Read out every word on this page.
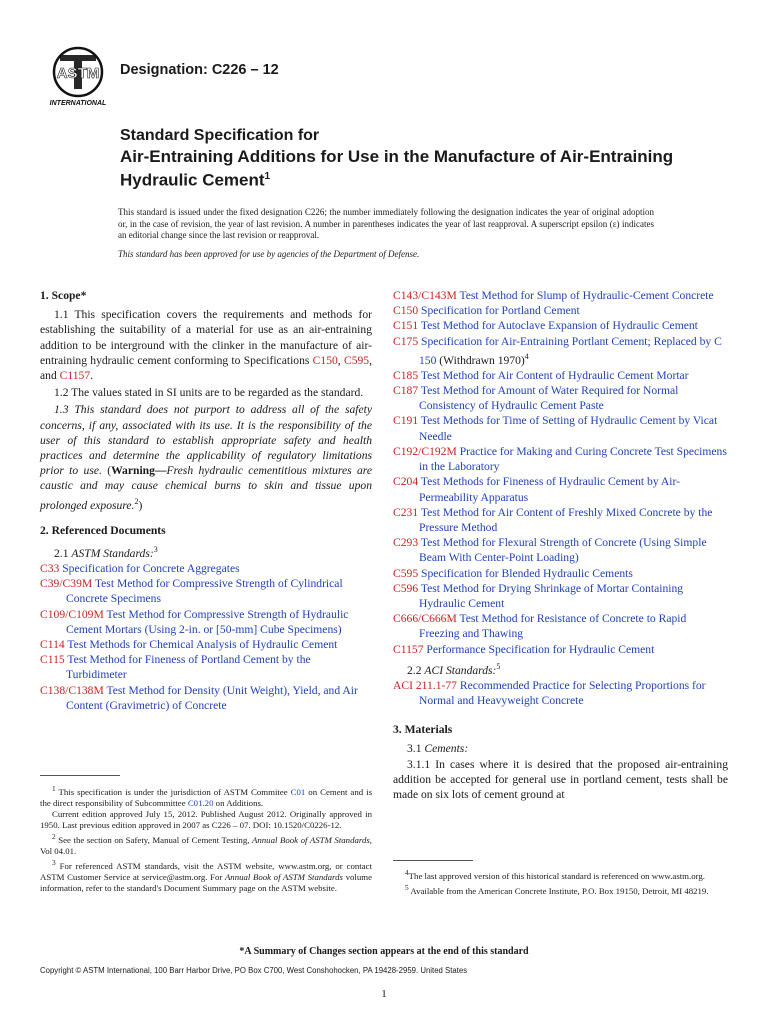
ASTM
INTERNATIONAL
Designation: C226 – 12
Standard Specification for
Air-Entraining Additions for Use in the Manufacture of Air-Entraining Hydraulic Cement$^1$
This standard is issued under the fixed designation C226; the number immediately following the designation indicates the year of original adoption or, in the case of revision, the year of last revision. A number in parentheses indicates the year of last reapproval. A superscript epsilon (ε) indicates an editorial change since the last revision or reapproval.
This standard has been approved for use by agencies of the Department of Defense.
1. Scope*

1.1 This specification covers the requirements and methods for establishing the suitability of a material for use as an air-entraining addition to be interground with the clinker in the manufacture of air-entraining hydraulic cement conforming to Specifications C150, C595, and C1157.

1.2 The values stated in SI units are to be regarded as the standard.

1.3 This standard does not purport to address all of the safety concerns, if any, associated with its use. It is the responsibility of the user of this standard to establish appropriate safety and health practices and determine the applicability of regulatory limitations prior to use. (Warning—Fresh hydraulic cementitious mixtures are caustic and may cause chemical burns to skin and tissue upon prolonged exposure.$^2$)

2. Referenced Documents
2.1 ASTM Standards:$^3$

C33 Specification for Concrete Aggregates

C39/C39M Test Method for Compressive Strength of Cylindrical Concrete Specimens

C109/C109M Test Method for Compressive Strength of Hydraulic Cement Mortars (Using 2-in. or [50-mm] Cube Specimens)

C114 Test Methods for Chemical Analysis of Hydraulic Cement

C115 Test Method for Fineness of Portland Cement by the Turbidimeter

C138/C138M Test Method for Density (Unit Weight), Yield, and Air Content (Gravimetric) of Concrete

$^1$ This specification is under the jurisdiction of ASTM Commitee C01 on Cement and is the direct responsibility of Subcommittee C01.20 on Additions.
Current edition approved July 15, 2012. Published August 2012. Originally approved in 1950. Last previous edition approved in 2007 as C226 – 07. DOI: 10.1520/C0226-12.
$^2$ See the section on Safety, Manual of Cement Testing, Annual Book of ASTM Standards, Vol 04.01.
$^3$ For referenced ASTM standards, visit the ASTM website, www.astm.org, or contact ASTM Customer Service at service@astm.org. For Annual Book of ASTM Standards volume information, refer to the standard's Document Summary page on the ASTM website.

C143/C143M Test Method for Slump of Hydraulic-Cement Concrete

C150 Specification for Portland Cement

C151 Test Method for Autoclave Expansion of Hydraulic Cement

C175 Specification for Air-Entraining Portlant Cement; Replaced by C 150 (Withdrawn 1970)$^4$

C185 Test Method for Air Content of Hydraulic Cement Mortar

C187 Test Method for Amount of Water Required for Normal Consistency of Hydraulic Cement Paste

C191 Test Methods for Time of Setting of Hydraulic Cement by Vicat Needle

C192/C192M Practice for Making and Curing Concrete Test Specimens in the Laboratory

C204 Test Methods for Fineness of Hydraulic Cement by Air-Permeability Apparatus

C231 Test Method for Air Content of Freshly Mixed Concrete by the Pressure Method

C293 Test Method for Flexural Strength of Concrete (Using Simple Beam With Center-Point Loading)

C595 Specification for Blended Hydraulic Cements

C596 Test Method for Drying Shrinkage of Mortar Containing Hydraulic Cement

C666/C666M Test Method for Resistance of Concrete to Rapid Freezing and Thawing

C1157 Performance Specification for Hydraulic Cement

2.2 ACI Standards:$^5$

ACI 211.1-77 Recommended Practice for Selecting Proportions for Normal and Heavyweight Concrete

3. Materials
3.1 Cements:

3.1.1 In cases where it is desired that the proposed air-entraining addition be accepted for general use in portland cement, tests shall be made on six lots of cement ground at

$^4$The last approved version of this historical standard is referenced on www.astm.org.
$^5$ Available from the American Concrete Institute, P.O. Box 19150, Detroit, MI 48219.
*A Summary of Changes section appears at the end of this standard
Copyright © ASTM International, 100 Barr Harbor Drive, PO Box C700, West Conshohocken, PA 19428-2959. United States
1
